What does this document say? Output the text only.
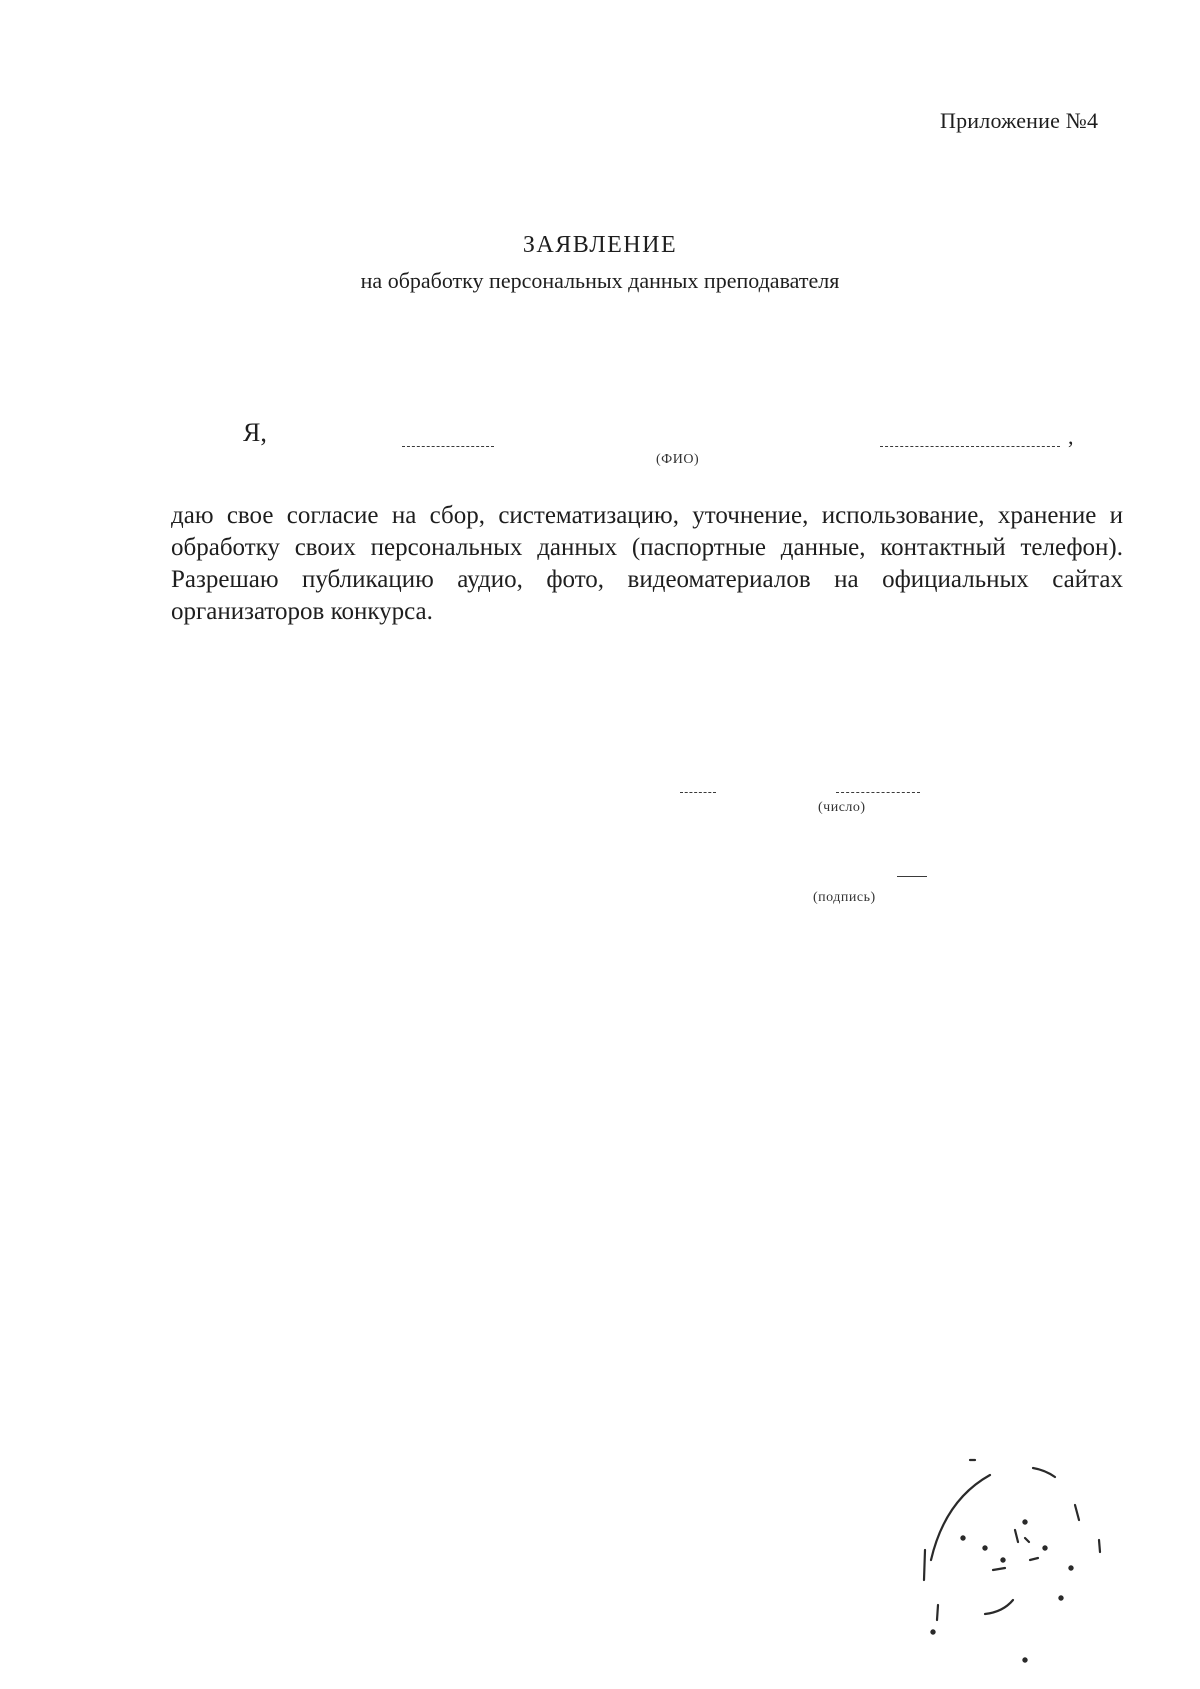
Приложение №4
ЗАЯВЛЕНИЕ
на обработку персональных данных преподавателя
Я,	,
(ФИО)
даю свое согласие на сбор, систематизацию, уточнение, использование, хранение и обработку своих персональных данных (паспортные данные, контактный телефон). Разрешаю публикацию аудио, фото, видеоматериалов на официальных сайтах организаторов конкурса.
(число)
(подпись)
